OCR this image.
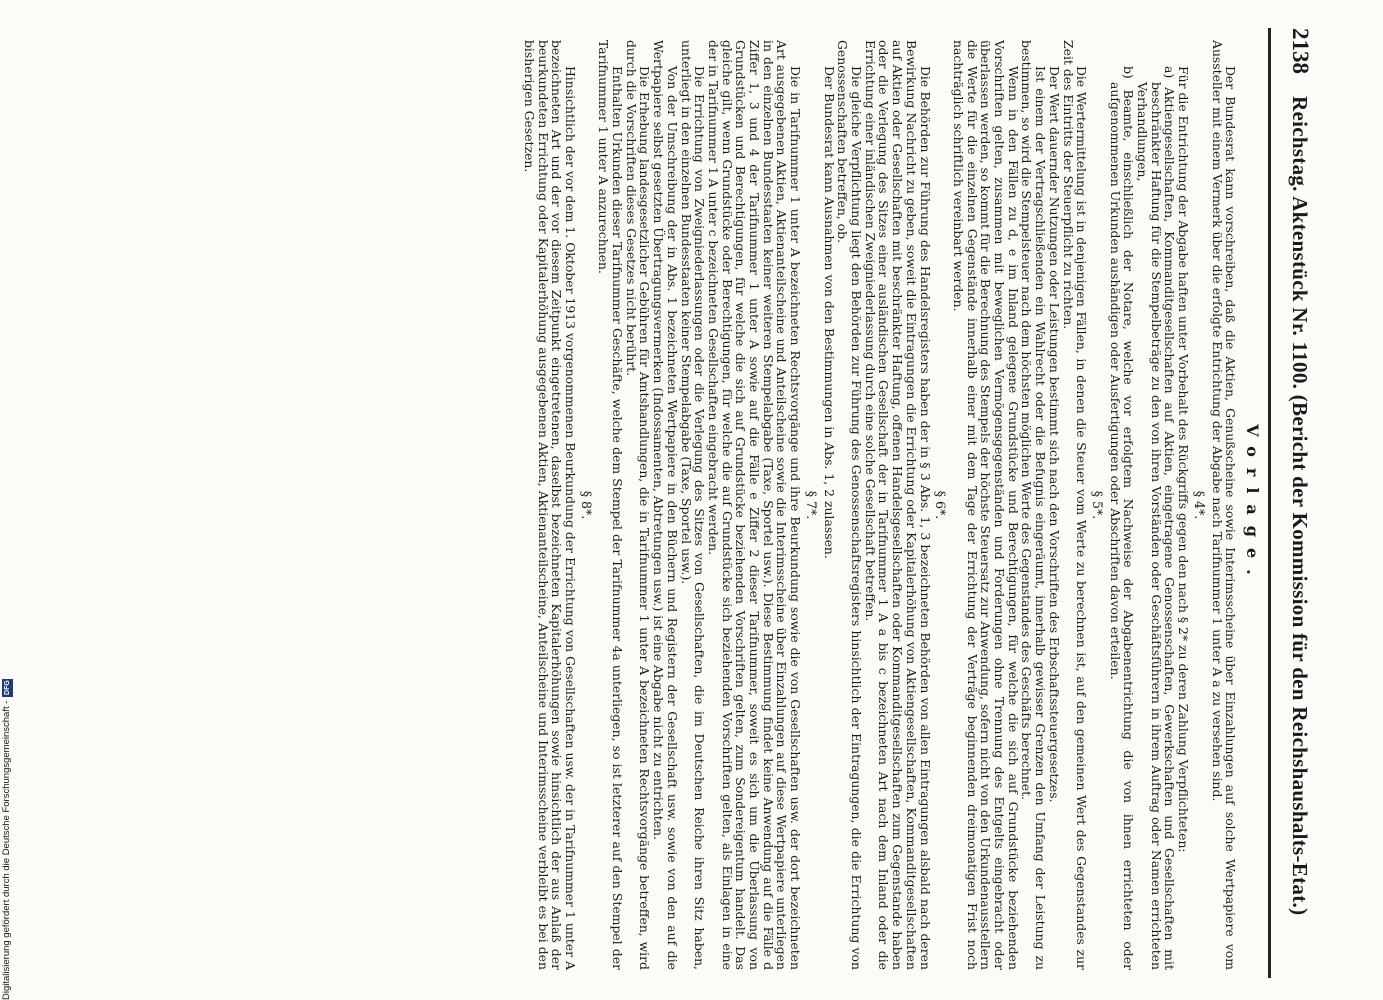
2138
Reichstag. Aktenstück Nr. 1100. (Bericht der Kommission für den Reichshaushalts-Etat.)
Vorlage.

Der Bundesrat kann vorschreiben, daß die Aktien, Genußscheine sowie Interimsscheine über Einzahlungen auf solche Wertpapiere vom Aussteller mit einem Vermerk über die erfolgte Entrichtung der Abgabe nach Tarifnummer 1 unter A a zu versehen sind.

§ 4*.

Für die Entrichtung der Abgabe haften unter Vorbehalt des Rückgriffs gegen den nach § 2* zu deren Zahlung Verpflichteten:

a) Aktiengesellschaften, Kommanditgesellschaften auf Aktien, eingetragene Genossenschaften, Gewerkschaften und Gesellschaften mit beschränkter Haftung für die Stempelbeträge zu den von ihren Vorständen oder Geschäftsführern in ihrem Auftrag oder Namen errichteten Verhandlungen,

b) Beamte, einschließlich der Notare, welche vor erfolgtem Nachweise der Abgabenentrichtung die von ihnen errichteten oder aufgenommenen Urkunden aushändigen oder Ausfertigungen oder Abschriften davon erteilen.

§ 5*.

Die Wertermittelung ist in denjenigen Fällen, in denen die Steuer vom Werte zu berechnen ist, auf den gemeinen Wert des Gegenstandes zur Zeit des Eintritts der Steuerpflicht zu richten.

Der Wert dauernder Nutzungen oder Leistungen bestimmt sich nach den Vorschriften des Erbschaftssteuergesetzes.

Ist einem der Vertragschließenden ein Wahlrecht oder die Befugnis eingeräumt, innerhalb gewisser Grenzen den Umfang der Leistung zu bestimmen, so wird die Stempelsteuer nach dem höchsten möglichen Werte des Gegenstandes des Geschäfts berechnet.

Wenn in den Fällen zu d, e im Inland gelegene Grundstücke und Berechtigungen, für welche die sich auf Grundstücke beziehenden Vorschriften gelten, zusammen mit beweglichen Vermögensgegenständen und Forderungen ohne Trennung des Entgelts eingebracht oder überlassen werden, so kommt für die Berechnung des Stempels der höchste Steuersatz zur Anwendung, sofern nicht von den Urkundenausstellern die Werte für die einzelnen Gegenstände innerhalb einer mit dem Tage der Errichtung der Verträge beginnenden dreimonatigen Frist noch nachträglich schriftlich vereinbart werden.

§ 6*.

Die Behörden zur Führung des Handelsregisters haben der in § 3 Abs. 1, 3 bezeichneten Behörden von allen Eintragungen alsbald nach deren Bewirkung Nachricht zu geben, soweit die Eintragungen die Errichtung oder Kapitalerhöhung von Aktiengesellschaften, Kommanditgesellschaften auf Aktien oder Gesellschaften mit beschränkter Haftung, offenen Handelsgesellschaften oder Kommanditgesellschaften zum Gegenstande haben oder die Verlegung des Sitzes einer ausländischen Gesellschaft der in Tarifnummer 1 A a bis c bezeichneten Art nach dem Inland oder die Errichtung einer inländischen Zweigniederlassung durch eine solche Gesellschaft betreffen.

Die gleiche Verpflichtung liegt den Behörden zur Führung des Genossenschaftsregisters hinsichtlich der Eintragungen, die die Errichtung von Genossenschaften betreffen, ob.

Der Bundesrat kann Ausnahmen von den Bestimmungen in Abs. 1, 2 zulassen.

§ 7*.

Die in Tarifnummer 1 unter A bezeichneten Rechtsvorgänge und ihre Beurkundung sowie die von Gesellschaften usw. der dort bezeichneten Art ausgegebenen Aktien, Aktienanteilscheine und Anteilscheine sowie die Interimsscheine über Einzahlungen auf diese Wertpapiere unterliegen in den einzelnen Bundesstaaten keiner weiteren Stempelabgabe (Taxe, Sportel usw.). Diese Bestimmung findet keine Anwendung auf die Fälle d Ziffer 1, 3 und 4 der Tarifnummer 1 unter A sowie auf die Fälle e Ziffer 2 dieser Tarifnummer, soweit es sich um die Überlassung von Grundstücken und Berechtigungen, für welche die sich auf Grundstücke beziehenden Vorschriften gelten, zum Sondereigentum handelt. Das gleiche gilt, wenn Grundstücke oder Berechtigungen, für welche die auf Grundstücke sich beziehenden Vorschriften gelten, als Einlagen in eine der in Tarifnummer 1 A unter c bezeichneten Gesellschaften eingebracht werden.

Die Errichtung von Zweigniederlassungen oder die Verlegung des Sitzes von Gesellschaften, die im Deutschen Reiche ihren Sitz haben, unterliegt in den einzelnen Bundesstaaten keiner Stempelabgabe (Taxe, Sportel usw.).

Von der Umschreibung der in Abs. 1 bezeichneten Wertpapiere in den Büchern und Registern der Gesellschaft usw. sowie von den auf die Wertpapiere selbst gesetzten Übertragungsvermerken (Indossamenten, Abtretungen usw.) ist eine Abgabe nicht zu entrichten.

Die Erhebung landesgesetzlicher Gebühren für Amtshandlungen, die in Tarifnummer 1 unter A bezeichneten Rechtsvorgänge betreffen, wird durch die Vorschriften dieses Gesetzes nicht berührt.

Enthalten Urkunden dieser Tarifnummer Geschäfte, welche dem Stempel der Tarifnummer 4a unterliegen, so ist letzterer auf den Stempel der Tarifnummer 1 unter A anzurechnen.

§ 8*.

Hinsichtlich der vor dem 1. Oktober 1913 vorgenommenen Beurkundung der Errichtung von Gesellschaften usw. der in Tarifnummer 1 unter A bezeichneten Art und der vor diesem Zeitpunkt eingetretenen, daselbst bezeichneten Kapitalerhöhungen sowie hinsichtlich der aus Anlaß der beurkundeten Errichtung oder Kapitalerhöhung ausgegebenen Aktien, Aktienanteilscheine, Anteilscheine und Interimsscheine verbleibt es bei den bisherigen Gesetzen.

Digitalisierung gefördert durch die Deutsche Forschungsgemeinschaft -
DFG
